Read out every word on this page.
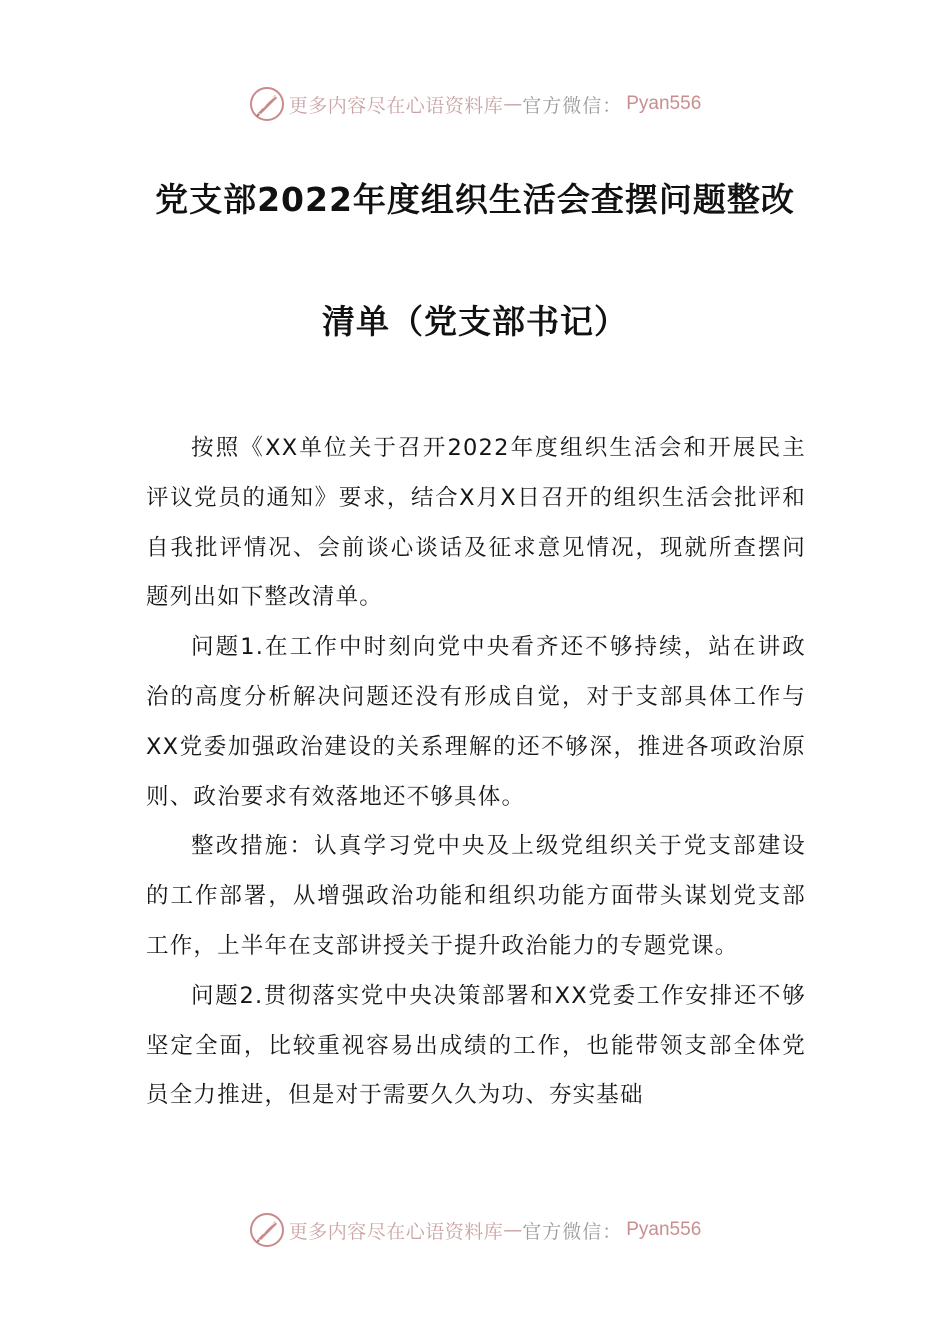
更多内容尽在心语资料库 — 官方微信： Pyan556
党支部2022年度组织生活会查摆问题整改
清单（党支部书记）

按照《XX单位关于召开2022年度组织生活会和开展民主评议党员的通知》要求，结合X月X日召开的组织生活会批评和自我批评情况、会前谈心谈话及征求意见情况，现就所查摆问题列出如下整改清单。

问题1.在工作中时刻向党中央看齐还不够持续，站在讲政治的高度分析解决问题还没有形成自觉，对于支部具体工作与XX党委加强政治建设的关系理解的还不够深，推进各项政治原则、政治要求有效落地还不够具体。

整改措施：认真学习党中央及上级党组织关于党支部建设的工作部署，从增强政治功能和组织功能方面带头谋划党支部工作，上半年在支部讲授关于提升政治能力的专题党课。

问题2.贯彻落实党中央决策部署和XX党委工作安排还不够坚定全面，比较重视容易出成绩的工作，也能带领支部全体党员全力推进，但是对于需要久久为功、夯实基础

更多内容尽在心语资料库 — 官方微信： Pyan556
